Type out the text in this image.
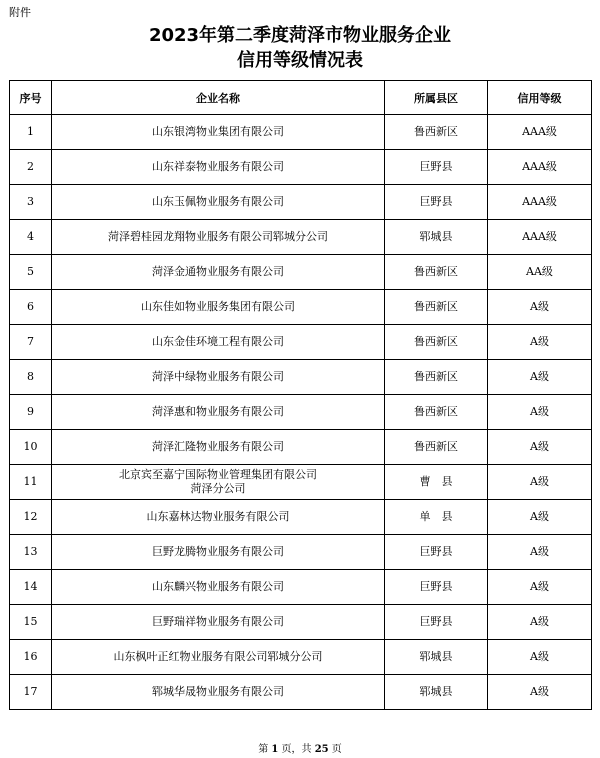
附件
2023年第二季度菏泽市物业服务企业
信用等级情况表
序号	企业名称	所属县区	信用等级
1	山东银湾物业集团有限公司	鲁西新区	AAA级
2	山东祥泰物业服务有限公司	巨野县	AAA级
3	山东玉佩物业服务有限公司	巨野县	AAA级
4	菏泽碧桂园龙翔物业服务有限公司郓城分公司	郓城县	AAA级
5	菏泽金通物业服务有限公司	鲁西新区	AA级
6	山东佳如物业服务集团有限公司	鲁西新区	A级
7	山东金佳环境工程有限公司	鲁西新区	A级
8	菏泽中绿物业服务有限公司	鲁西新区	A级
9	菏泽惠和物业服务有限公司	鲁西新区	A级
10	菏泽汇隆物业服务有限公司	鲁西新区	A级
11	北京宾至嘉宁国际物业管理集团有限公司
菏泽分公司	曹　县	A级
12	山东嘉林达物业服务有限公司	单　县	A级
13	巨野龙腾物业服务有限公司	巨野县	A级
14	山东麟兴物业服务有限公司	巨野县	A级
15	巨野瑞祥物业服务有限公司	巨野县	A级
16	山东枫叶正红物业服务有限公司郓城分公司	郓城县	A级
17	郓城华晟物业服务有限公司	郓城县	A级
第 1 页，共 25 页
